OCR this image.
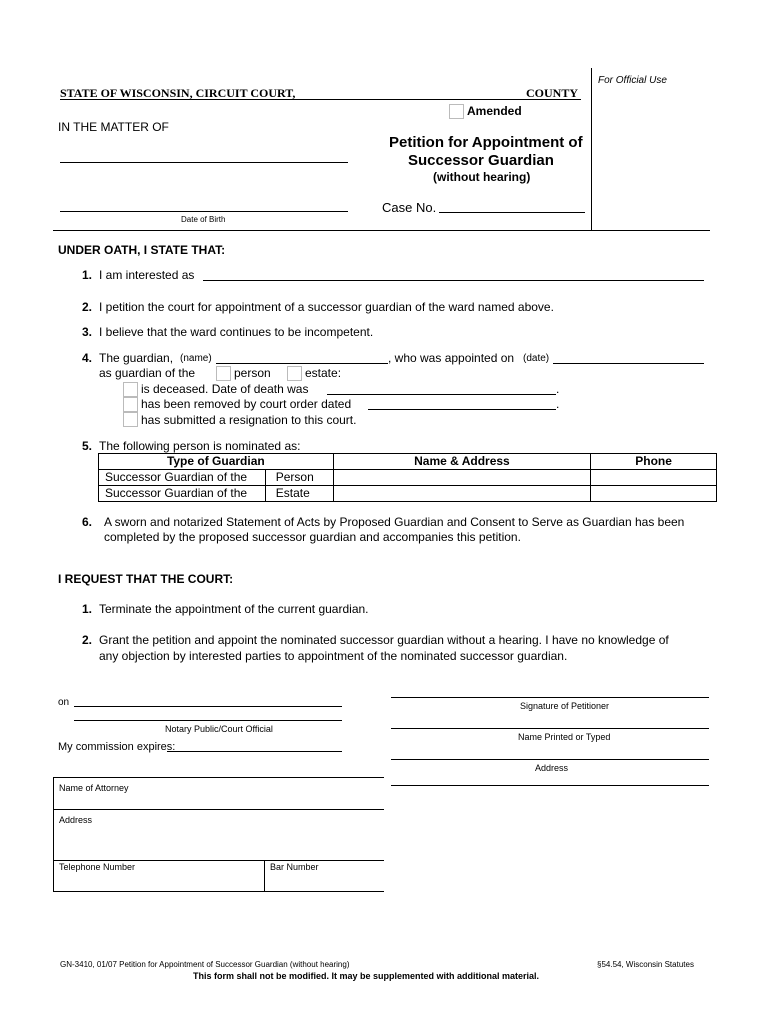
For Official Use
STATE OF WISCONSIN, CIRCUIT COURT,	COUNTY
Amended
IN THE MATTER OF
Date of Birth
Petition for Appointment of
Successor Guardian
(without hearing)
Case No.
UNDER OATH, I STATE THAT:
1. I am interested as
2. I petition the court for appointment of a successor guardian of the ward named above.
3. I believe that the ward continues to be incompetent.
4. The guardian, (name)	, who was appointed on (date)
as guardian of the	person	estate:
is deceased. Date of death was	.
has been removed by court order dated	.
has submitted a resignation to this court.
5. The following person is nominated as:
Type of Guardian		Name & Address	Phone
Successor Guardian of the	Person		
Successor Guardian of the	Estate		
6. A sworn and notarized Statement of Acts by Proposed Guardian and Consent to Serve as Guardian has been
completed by the proposed successor guardian and accompanies this petition.
I REQUEST THAT THE COURT:
1. Terminate the appointment of the current guardian.
2. Grant the petition and appoint the nominated successor guardian without a hearing. I have no knowledge of
any objection by interested parties to appointment of the nominated successor guardian.
on
Notary Public/Court Official
My commission expires:
Signature of Petitioner
Name Printed or Typed
Address
Name of Attorney
Address
Telephone Number	Bar Number
GN-3410, 01/07 Petition for Appointment of Successor Guardian (without hearing)	§54.54, Wisconsin Statutes
This form shall not be modified. It may be supplemented with additional material.
